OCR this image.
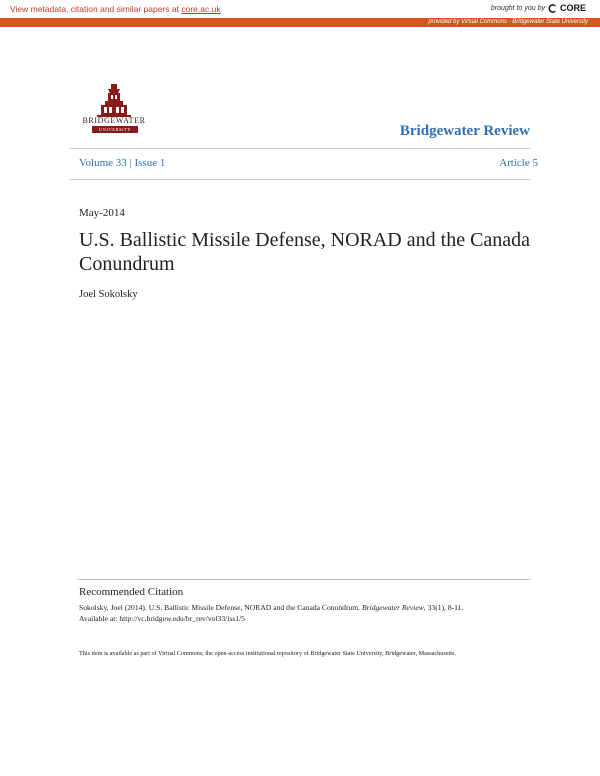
View metadata, citation and similar papers at core.ac.uk	brought to you by CORE
provided by Virtual Commons - Bridgewater State University
BRIDGEWATER
UNIVERSITY	Bridgewater Review
Volume 33 | Issue 1	Article 5
May-2014
U.S. Ballistic Missile Defense, NORAD and the Canada Conundrum
Joel Sokolsky
Recommended Citation
Sokolsky, Joel (2014). U.S. Ballistic Missile Defense, NORAD and the Canada Conundrum. Bridgewater Review, 33(1), 8-11.
Available at: http://vc.bridgew.edu/br_rev/vol33/iss1/5
This item is available as part of Virtual Commons, the open-access institutional repository of Bridgewater State University, Bridgewater, Massachusetts.
